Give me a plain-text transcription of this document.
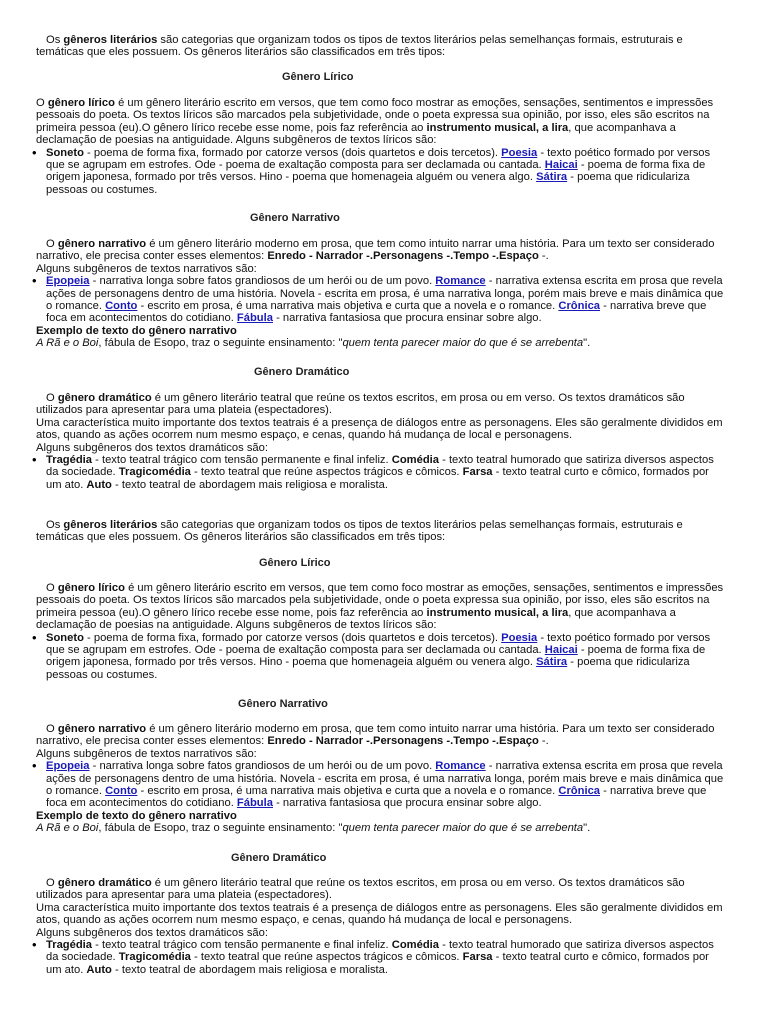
Os gêneros literários são categorias que organizam todos os tipos de textos literários pelas semelhanças formais, estruturais e temáticas que eles possuem. Os gêneros literários são classificados em três tipos:

Gênero Lírico

O gênero lírico é um gênero literário escrito em versos, que tem como foco mostrar as emoções, sensações, sentimentos e impressões pessoais do poeta. Os textos líricos são marcados pela subjetividade, onde o poeta expressa sua opinião, por isso, eles são escritos na primeira pessoa (eu).O gênero lírico recebe esse nome, pois faz referência ao instrumento musical, a lira, que acompanhava a declamação de poesias na antiguidade. Alguns subgêneros de textos líricos são:

• Soneto - poema de forma fixa, formado por catorze versos (dois quartetos e dois tercetos). Poesia - texto poético formado por versos que se agrupam em estrofes. Ode - poema de exaltação composta para ser declamada ou cantada. Haicai - poema de forma fixa de origem japonesa, formado por três versos. Hino - poema que homenageia alguém ou venera algo. Sátira - poema que ridiculariza pessoas ou costumes.
Gênero Narrativo

O gênero narrativo é um gênero literário moderno em prosa, que tem como intuito narrar uma história. Para um texto ser considerado narrativo, ele precisa conter esses elementos: Enredo - Narrador -.Personagens -.Tempo -.Espaço -.

Alguns subgêneros de textos narrativos são:

• Epopeia - narrativa longa sobre fatos grandiosos de um herói ou de um povo. Romance - narrativa extensa escrita em prosa que revela ações de personagens dentro de uma história. Novela - escrita em prosa, é uma narrativa longa, porém mais breve e mais dinâmica que o romance. Conto - escrito em prosa, é uma narrativa mais objetiva e curta que a novela e o romance. Crônica - narrativa breve que foca em acontecimentos do cotidiano. Fábula - narrativa fantasiosa que procura ensinar sobre algo.

Exemplo de texto do gênero narrativo

A Rã e o Boi, fábula de Esopo, traz o seguinte ensinamento: "quem tenta parecer maior do que é se arrebenta".

Gênero Dramático

O gênero dramático é um gênero literário teatral que reúne os textos escritos, em prosa ou em verso. Os textos dramáticos são utilizados para apresentar para uma plateia (espectadores).

Uma característica muito importante dos textos teatrais é a presença de diálogos entre as personagens. Eles são geralmente divididos em atos, quando as ações ocorrem num mesmo espaço, e cenas, quando há mudança de local e personagens.

Alguns subgêneros dos textos dramáticos são:

• Tragédia - texto teatral trágico com tensão permanente e final infeliz. Comédia - texto teatral humorado que satiriza diversos aspectos da sociedade. Tragicomédia - texto teatral que reúne aspectos trágicos e cômicos. Farsa - texto teatral curto e cômico, formados por um ato. Auto - texto teatral de abordagem mais religiosa e moralista.

Os gêneros literários são categorias que organizam todos os tipos de textos literários pelas semelhanças formais, estruturais e temáticas que eles possuem. Os gêneros literários são classificados em três tipos:

Gênero Lírico

O gênero lírico é um gênero literário escrito em versos, que tem como foco mostrar as emoções, sensações, sentimentos e impressões pessoais do poeta. Os textos líricos são marcados pela subjetividade, onde o poeta expressa sua opinião, por isso, eles são escritos na primeira pessoa (eu).O gênero lírico recebe esse nome, pois faz referência ao instrumento musical, a lira, que acompanhava a declamação de poesias na antiguidade. Alguns subgêneros de textos líricos são:

• Soneto - poema de forma fixa, formado por catorze versos (dois quartetos e dois tercetos). Poesia - texto poético formado por versos que se agrupam em estrofes. Ode - poema de exaltação composta para ser declamada ou cantada. Haicai - poema de forma fixa de origem japonesa, formado por três versos. Hino - poema que homenageia alguém ou venera algo. Sátira - poema que ridiculariza pessoas ou costumes.
Gênero Narrativo

O gênero narrativo é um gênero literário moderno em prosa, que tem como intuito narrar uma história. Para um texto ser considerado narrativo, ele precisa conter esses elementos: Enredo - Narrador -.Personagens -.Tempo -.Espaço -.

Alguns subgêneros de textos narrativos são:

• Epopeia - narrativa longa sobre fatos grandiosos de um herói ou de um povo. Romance - narrativa extensa escrita em prosa que revela ações de personagens dentro de uma história. Novela - escrita em prosa, é uma narrativa longa, porém mais breve e mais dinâmica que o romance. Conto - escrito em prosa, é uma narrativa mais objetiva e curta que a novela e o romance. Crônica - narrativa breve que foca em acontecimentos do cotidiano. Fábula - narrativa fantasiosa que procura ensinar sobre algo.

Exemplo de texto do gênero narrativo

A Rã e o Boi, fábula de Esopo, traz o seguinte ensinamento: "quem tenta parecer maior do que é se arrebenta".

Gênero Dramático

O gênero dramático é um gênero literário teatral que reúne os textos escritos, em prosa ou em verso. Os textos dramáticos são utilizados para apresentar para uma plateia (espectadores).

Uma característica muito importante dos textos teatrais é a presença de diálogos entre as personagens. Eles são geralmente divididos em atos, quando as ações ocorrem num mesmo espaço, e cenas, quando há mudança de local e personagens.

Alguns subgêneros dos textos dramáticos são:

• Tragédia - texto teatral trágico com tensão permanente e final infeliz. Comédia - texto teatral humorado que satiriza diversos aspectos da sociedade. Tragicomédia - texto teatral que reúne aspectos trágicos e cômicos. Farsa - texto teatral curto e cômico, formados por um ato. Auto - texto teatral de abordagem mais religiosa e moralista.
